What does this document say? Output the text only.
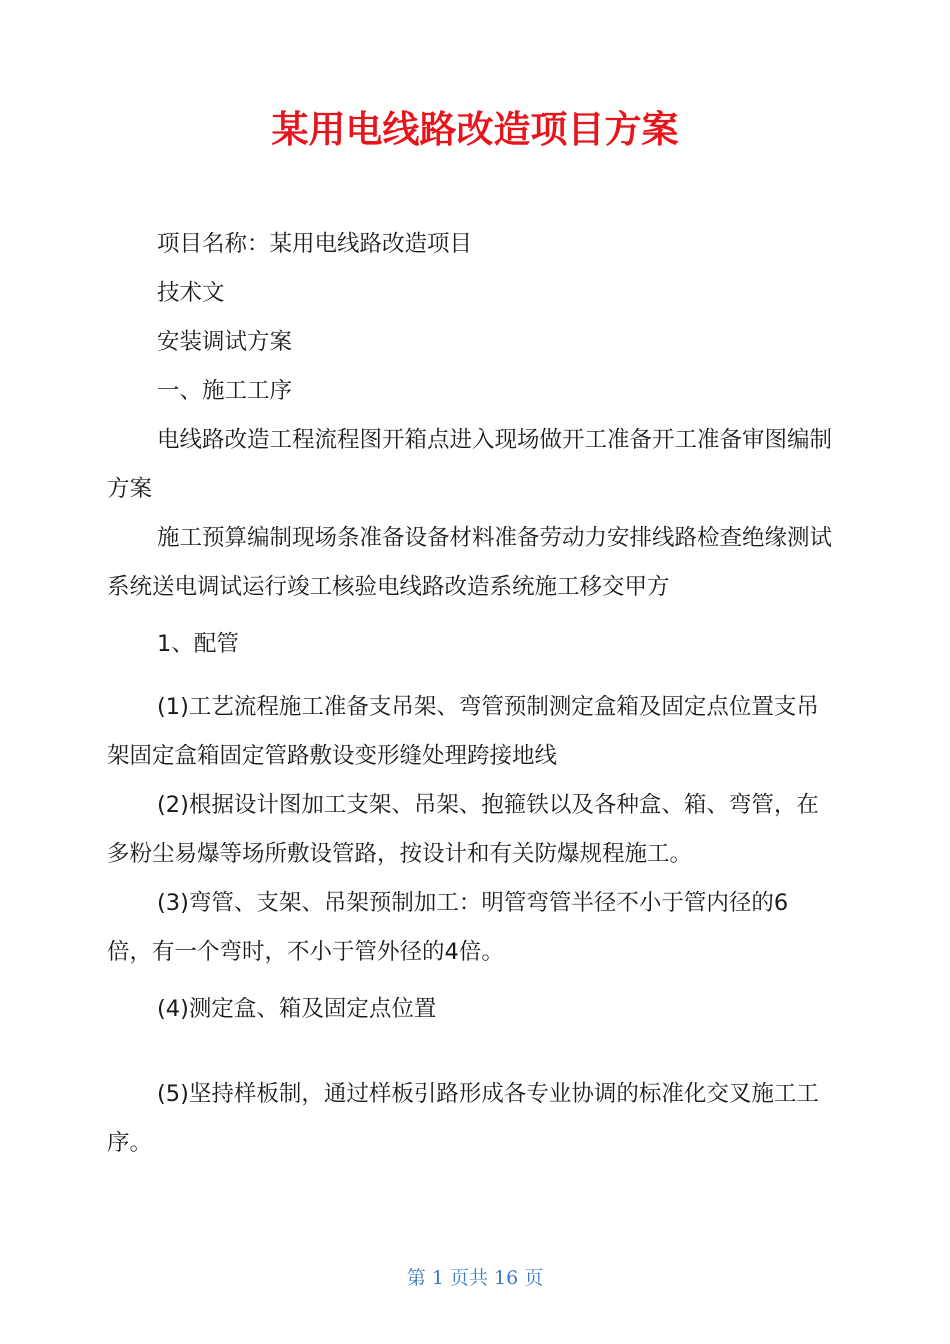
某用电线路改造项目方案

项目名称：某用电线路改造项目

技术文

安装调试方案

一、施工工序

电线路改造工程流程图开箱点进入现场做开工准备开工准备审图编制方案

施工预算编制现场条准备设备材料准备劳动力安排线路检查绝缘测试系统送电调试运行竣工核验电线路改造系统施工移交甲方

1、配管

(1)工艺流程施工准备支吊架、弯管预制测定盒箱及固定点位置支吊架固定盒箱固定管路敷设变形缝处理跨接地线

(2)根据设计图加工支架、吊架、抱箍铁以及各种盒、箱、弯管，在多粉尘易爆等场所敷设管路，按设计和有关防爆规程施工。

(3)弯管、支架、吊架预制加工：明管弯管半径不小于管内径的6倍，有一个弯时，不小于管外径的4倍。

(4)测定盒、箱及固定点位置

(5)坚持样板制，通过样板引路形成各专业协调的标准化交叉施工工序。

第 1 页共 16 页
